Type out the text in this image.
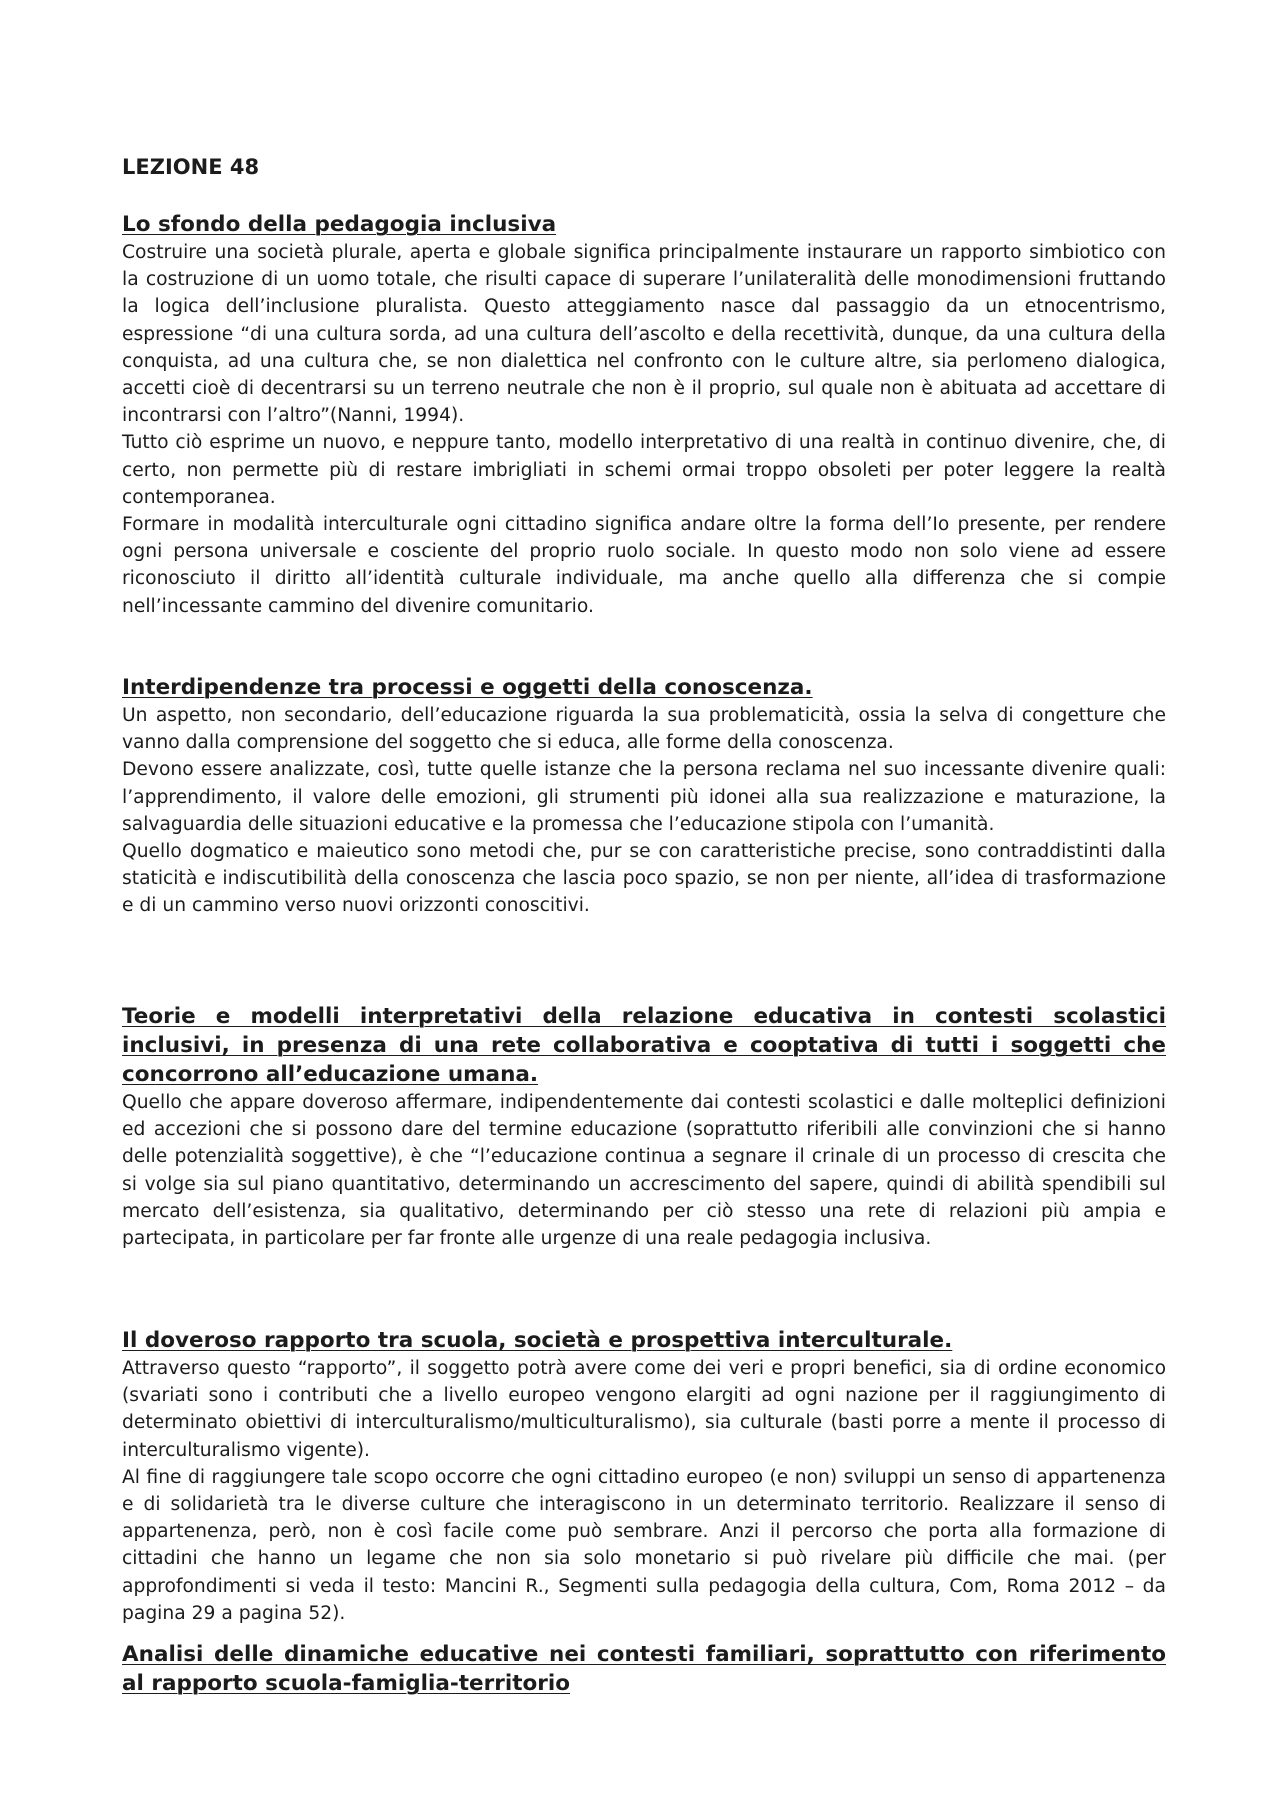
LEZIONE 48
Lo sfondo della pedagogia inclusiva

Costruire una società plurale, aperta e globale significa principalmente instaurare un rapporto simbiotico con la costruzione di un uomo totale, che risulti capace di superare l’unilateralità delle monodimensioni fruttando la logica dell’inclusione pluralista. Questo atteggiamento nasce dal passaggio da un etnocentrismo, espressione “di una cultura sorda, ad una cultura dell’ascolto e della recettività, dunque, da una cultura della conquista, ad una cultura che, se non dialettica nel confronto con le culture altre, sia perlomeno dialogica, accetti cioè di decentrarsi su un terreno neutrale che non è il proprio, sul quale non è abituata ad accettare di incontrarsi con l’altro”(Nanni, 1994).

Tutto ciò esprime un nuovo, e neppure tanto, modello interpretativo di una realtà in continuo divenire, che, di certo, non permette più di restare imbrigliati in schemi ormai troppo obsoleti per poter leggere la realtà contemporanea.

Formare in modalità interculturale ogni cittadino significa andare oltre la forma dell’Io presente, per rendere ogni persona universale e cosciente del proprio ruolo sociale. In questo modo non solo viene ad essere riconosciuto il diritto all’identità culturale individuale, ma anche quello alla differenza che si compie nell’incessante cammino del divenire comunitario.

Interdipendenze tra processi e oggetti della conoscenza.

Un aspetto, non secondario, dell’educazione riguarda la sua problematicità, ossia la selva di congetture che vanno dalla comprensione del soggetto che si educa, alle forme della conoscenza.

Devono essere analizzate, così, tutte quelle istanze che la persona reclama nel suo incessante divenire quali: l’apprendimento, il valore delle emozioni, gli strumenti più idonei alla sua realizzazione e maturazione, la salvaguardia delle situazioni educative e la promessa che l’educazione stipola con l’umanità.

Quello dogmatico e maieutico sono metodi che, pur se con caratteristiche precise, sono contraddistinti dalla staticità e indiscutibilità della conoscenza che lascia poco spazio, se non per niente, all’idea di trasformazione e di un cammino verso nuovi orizzonti conoscitivi.

Teorie e modelli interpretativi della relazione educativa in contesti scolastici inclusivi, in presenza di una rete collaborativa e cooptativa di tutti i soggetti che concorrono all’educazione umana.

Quello che appare doveroso affermare, indipendentemente dai contesti scolastici e dalle molteplici definizioni ed accezioni che si possono dare del termine educazione (soprattutto riferibili alle convinzioni che si hanno delle potenzialità soggettive), è che “l’educazione continua a segnare il crinale di un processo di crescita che si volge sia sul piano quantitativo, determinando un accrescimento del sapere, quindi di abilità spendibili sul mercato dell’esistenza, sia qualitativo, determinando per ciò stesso una rete di relazioni più ampia e partecipata, in particolare per far fronte alle urgenze di una reale pedagogia inclusiva.

Il doveroso rapporto tra scuola, società e prospettiva interculturale.

Attraverso questo “rapporto”, il soggetto potrà avere come dei veri e propri benefici, sia di ordine economico (svariati sono i contributi che a livello europeo vengono elargiti ad ogni nazione per il raggiungimento di determinato obiettivi di interculturalismo/multiculturalismo), sia culturale (basti porre a mente il processo di interculturalismo vigente).

Al fine di raggiungere tale scopo occorre che ogni cittadino europeo (e non) sviluppi un senso di appartenenza e di solidarietà tra le diverse culture che interagiscono in un determinato territorio. Realizzare il senso di appartenenza, però, non è così facile come può sembrare. Anzi il percorso che porta alla formazione di cittadini che hanno un legame che non sia solo monetario si può rivelare più difficile che mai. (per approfondimenti si veda il testo: Mancini R., Segmenti sulla pedagogia della cultura, Com, Roma 2012 – da pagina 29 a pagina 52).

Analisi delle dinamiche educative nei contesti familiari, soprattutto con riferimento al rapporto scuola-famiglia-territorio
